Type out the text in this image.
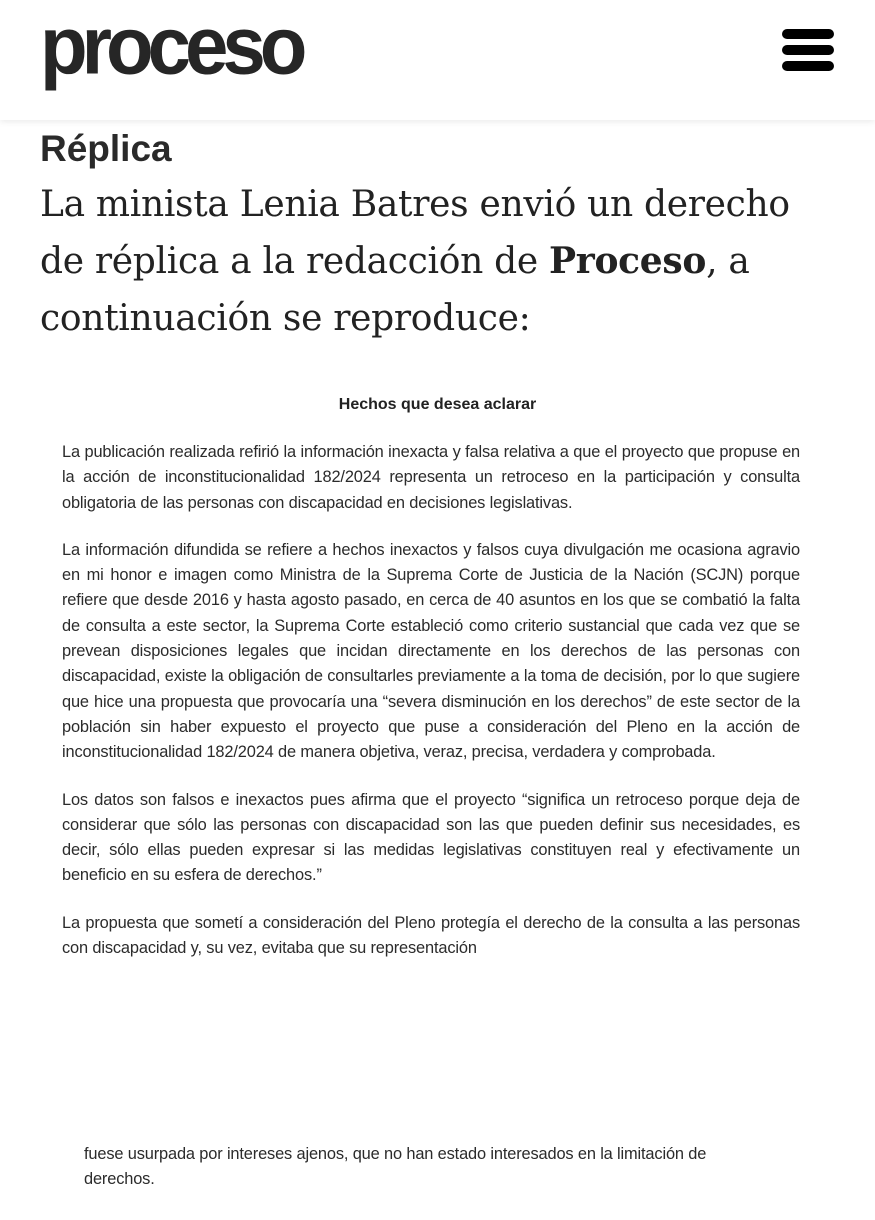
proceso
Réplica
La minista Lenia Batres envió un derecho de réplica a la redacción de Proceso, a continuación se reproduce:
Hechos que desea aclarar

La publicación realizada refirió la información inexacta y falsa relativa a que el proyecto que propuse en la acción de inconstitucionalidad 182/2024 representa un retroceso en la participación y consulta obligatoria de las personas con discapacidad en decisiones legislativas.

La información difundida se refiere a hechos inexactos y falsos cuya divulgación me ocasiona agravio en mi honor e imagen como Ministra de la Suprema Corte de Justicia de la Nación (SCJN) porque refiere que desde 2016 y hasta agosto pasado, en cerca de 40 asuntos en los que se combatió la falta de consulta a este sector, la Suprema Corte estableció como criterio sustancial que cada vez que se prevean disposiciones legales que incidan directamente en los derechos de las personas con discapacidad, existe la obligación de consultarles previamente a la toma de decisión, por lo que sugiere que hice una propuesta que provocaría una “severa disminución en los derechos” de este sector de la población sin haber expuesto el proyecto que puse a consideración del Pleno en la acción de inconstitucionalidad 182/2024 de manera objetiva, veraz, precisa, verdadera y comprobada.

Los datos son falsos e inexactos pues afirma que el proyecto “significa un retroceso porque deja de considerar que sólo las personas con discapacidad son las que pueden definir sus necesidades, es decir, sólo ellas pueden expresar si las medidas legislativas constituyen real y efectivamente un beneficio en su esfera de derechos.”

La propuesta que sometí a consideración del Pleno protegía el derecho de la consulta a las personas con discapacidad y, su vez, evitaba que su representación

fuese usurpada por intereses ajenos, que no han estado interesados en la limitación de derechos.
